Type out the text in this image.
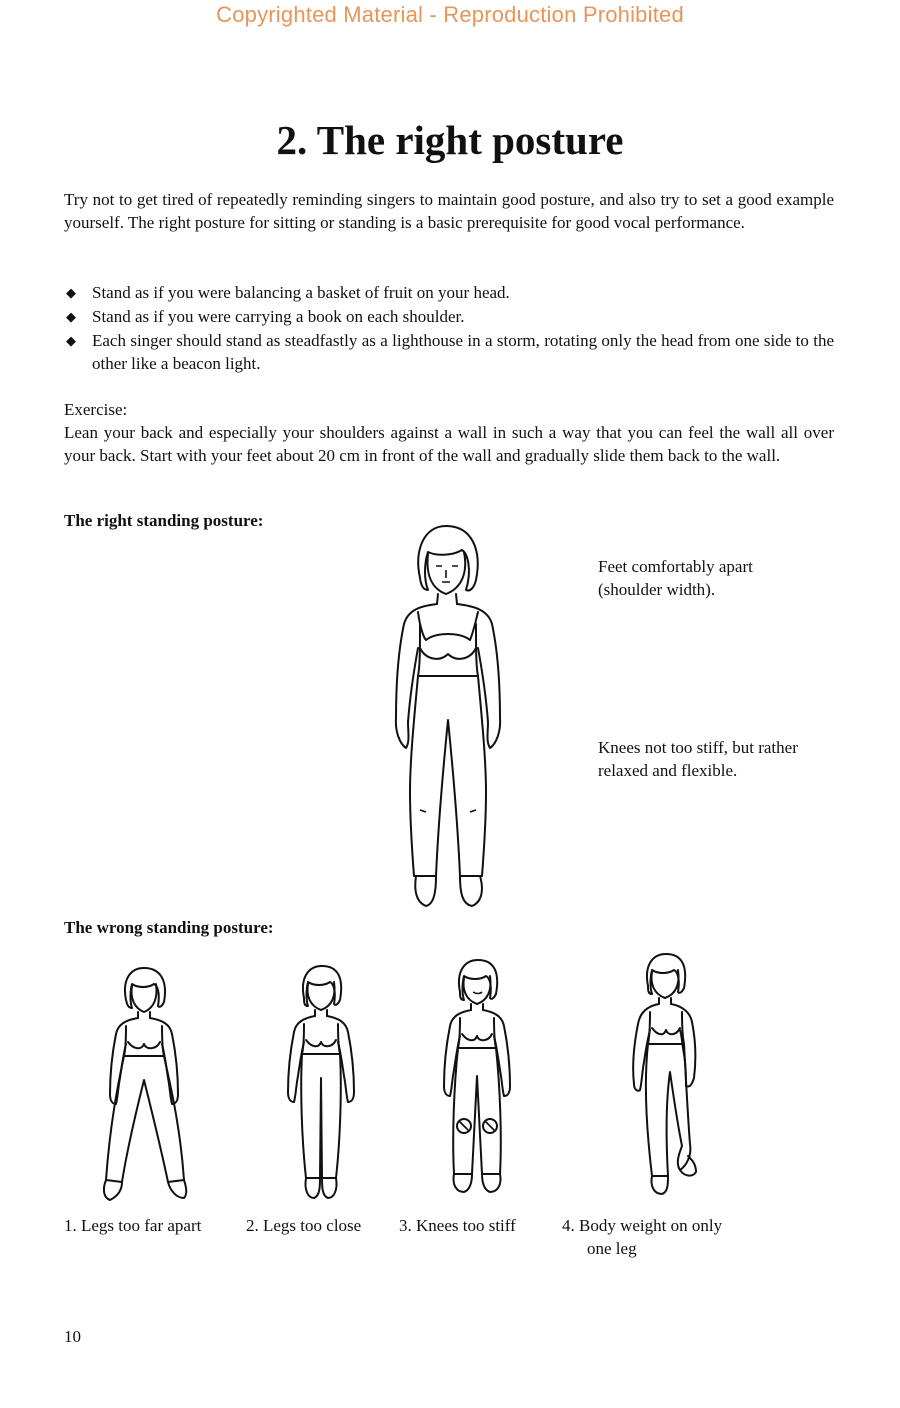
Copyrighted Material - Reproduction Prohibited
2. The right posture
Try not to get tired of repeatedly reminding singers to maintain good posture, and also try to set a good example yourself. The right posture for sitting or standing is a basic prerequisite for good vocal performance.
◆ Stand as if you were balancing a basket of fruit on your head.
◆ Stand as if you were carrying a book on each shoulder.
◆ Each singer should stand as steadfastly as a lighthouse in a storm, rotating only the head from one side to the other like a beacon light.
Exercise:
Lean your back and especially your shoulders against a wall in such a way that you can feel the wall all over your back. Start with your feet about 20 cm in front of the wall and gradually slide them back to the wall.
The right standing posture:
Feet comfortably apart (shoulder width).
Knees not too stiff, but rather relaxed and flexible.
The wrong standing posture:
1. Legs too far apart	2. Legs too close 3. Knees too stiff	4. Body weight on only
one leg
10
